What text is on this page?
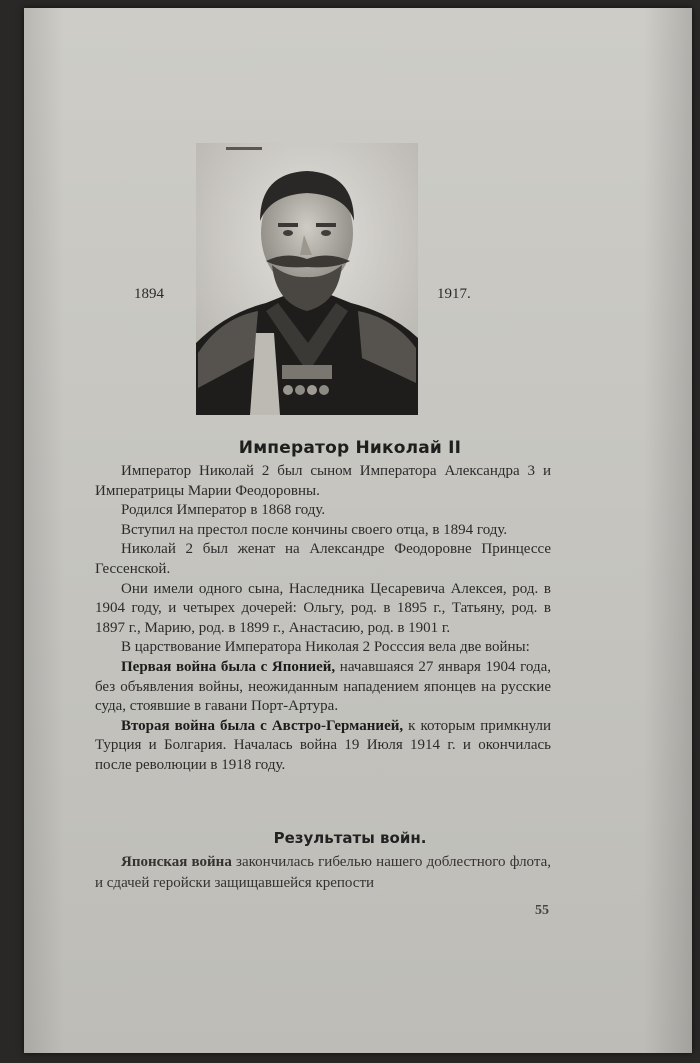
1894	1917.
Император Николай II

Император Николай 2 был сыном Императора Александра 3 и Императрицы Марии Феодоровны.

Родился Император в 1868 году.

Вступил на престол после кончины своего отца, в 1894 году.

Николай 2 был женат на Александре Феодоровне Принцессе Гессенской.

Они имели одного сына, Наследника Цесаревича Алексея, род. в 1904 году, и четырех дочерей: Ольгу, род. в 1895 г., Татьяну, род. в 1897 г., Марию, род. в 1899 г., Анастасию, род. в 1901 г.

В царствование Императора Николая 2 Росссия вела две войны:

Первая война была с Японией, начавшаяся 27 января 1904 года, без объявления войны, неожиданным нападением японцев на русские суда, стоявшие в гавани Порт-Артура.

Вторая война была с Австро-Германией, к которым примкнули Турция и Болгария. Началась война 19 Июля 1914 г. и окончилась после революции в 1918 году.

Результаты войн.

Японская война закончилась гибелью нашего доблестного флота, и сдачей геройски защищавшейся крепости

55
